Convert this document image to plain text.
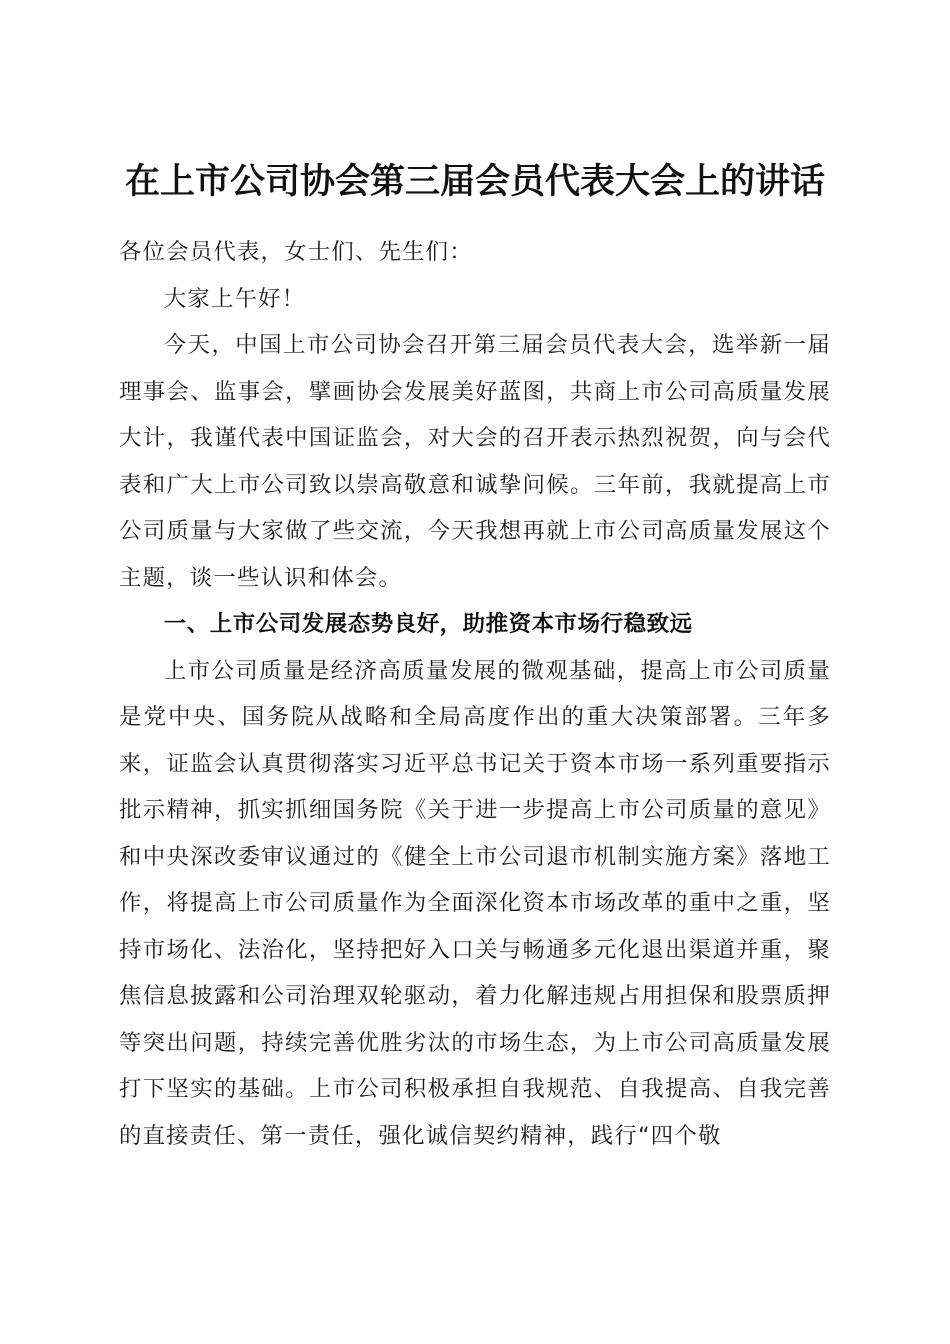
在上市公司协会第三届会员代表大会上的讲话

各位会员代表，女士们、先生们：

大家上午好！

今天，中国上市公司协会召开第三届会员代表大会，选举新一届理事会、监事会，擘画协会发展美好蓝图，共商上市公司高质量发展大计，我谨代表中国证监会，对大会的召开表示热烈祝贺，向与会代表和广大上市公司致以崇高敬意和诚挚问候。三年前，我就提高上市公司质量与大家做了些交流，今天我想再就上市公司高质量发展这个主题，谈一些认识和体会。

一、上市公司发展态势良好，助推资本市场行稳致远

上市公司质量是经济高质量发展的微观基础，提高上市公司质量是党中央、国务院从战略和全局高度作出的重大决策部署。三年多来，证监会认真贯彻落实习近平总书记关于资本市场一系列重要指示批示精神，抓实抓细国务院《关于进一步提高上市公司质量的意见》和中央深改委审议通过的《健全上市公司退市机制实施方案》落地工作，将提高上市公司质量作为全面深化资本市场改革的重中之重，坚持市场化、法治化，坚持把好入口关与畅通多元化退出渠道并重，聚焦信息披露和公司治理双轮驱动，着力化解违规占用担保和股票质押等突出问题，持续完善优胜劣汰的市场生态，为上市公司高质量发展打下坚实的基础。上市公司积极承担自我规范、自我提高、自我完善的直接责任、第一责任，强化诚信契约精神，践行“四个敬
